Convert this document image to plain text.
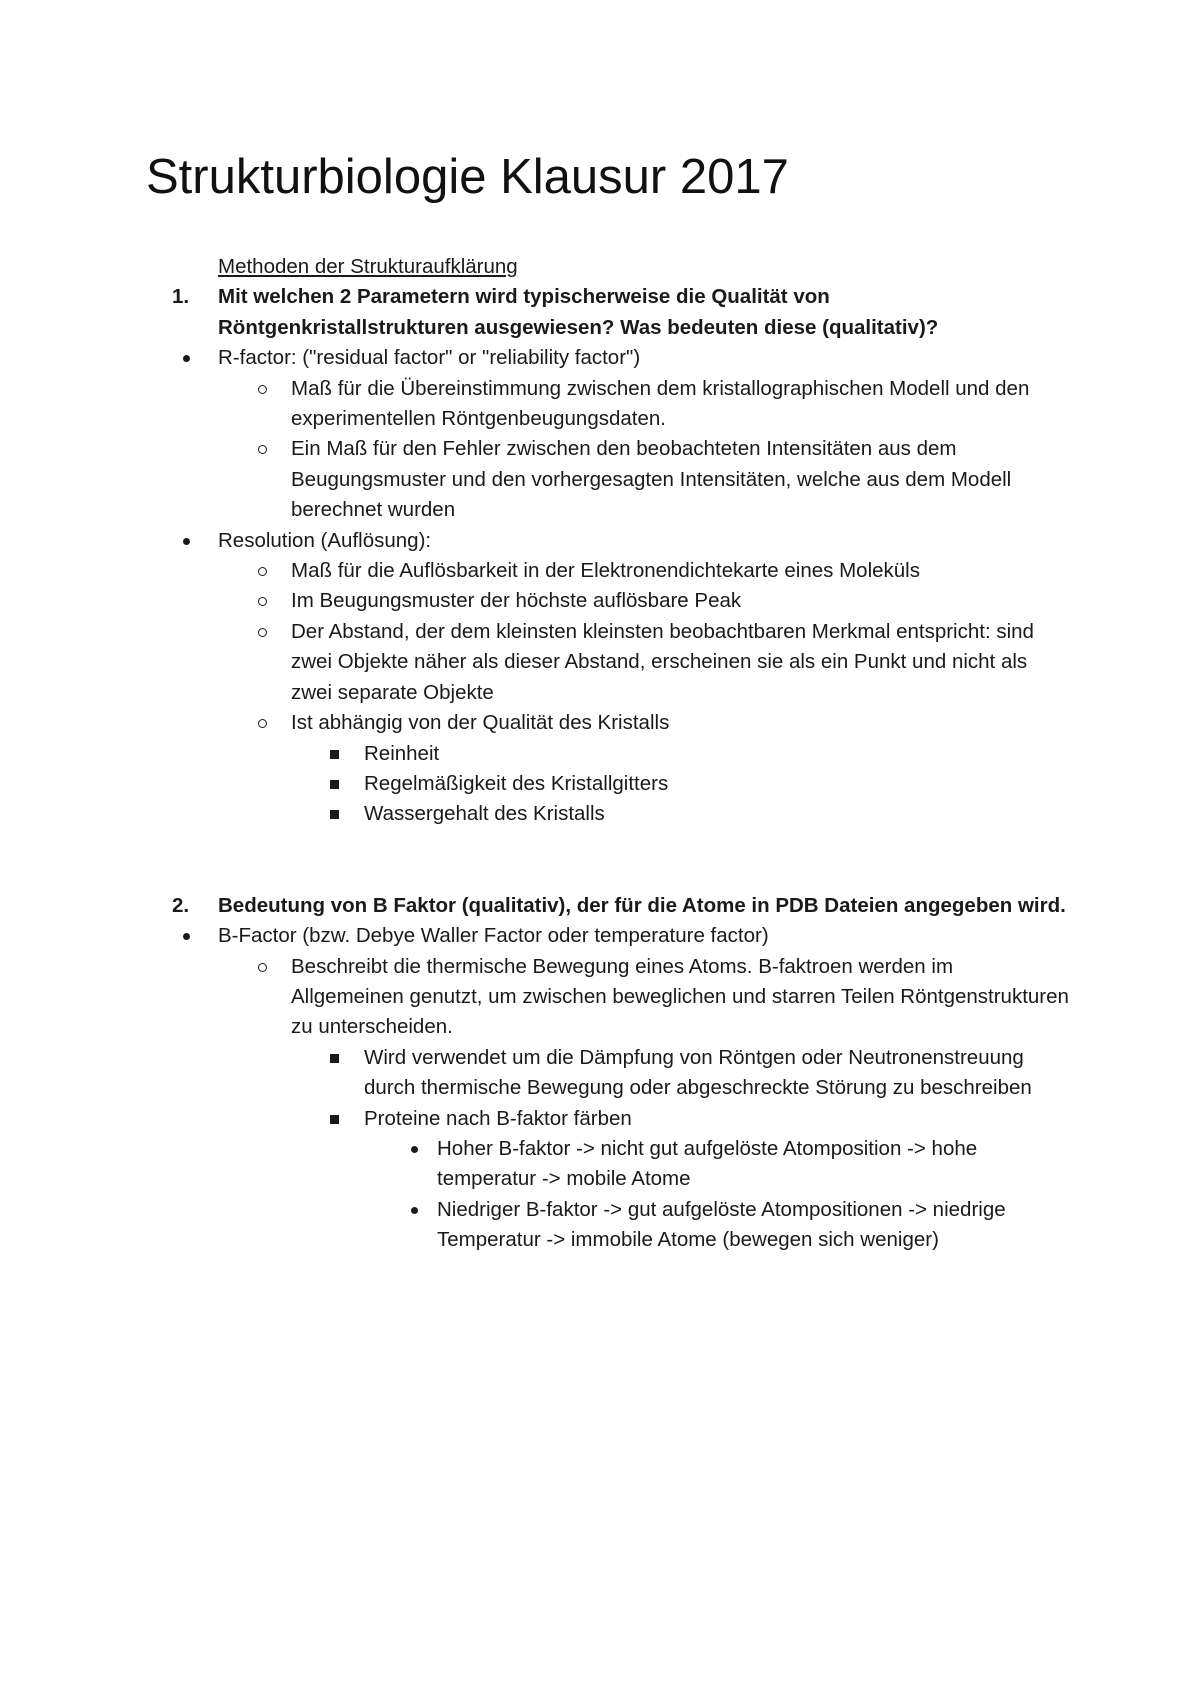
Strukturbiologie Klausur 2017

Methoden der Strukturaufklärung

1. Mit welchen 2 Parametern wird typischerweise die Qualität von Röntgenkristallstrukturen ausgewiesen? Was bedeuten diese (qualitativ)?
R-factor: ("residual factor" or "reliability factor")
Maß für die Übereinstimmung zwischen dem kristallographischen Modell und den experimentellen Röntgenbeugungsdaten.
Ein Maß für den Fehler zwischen den beobachteten Intensitäten aus dem Beugungsmuster und den vorhergesagten Intensitäten, welche aus dem Modell berechnet wurden
Resolution (Auflösung):
Maß für die Auflösbarkeit in der Elektronendichtekarte eines Moleküls
Im Beugungsmuster der höchste auflösbare Peak
Der Abstand, der dem kleinsten kleinsten beobachtbaren Merkmal entspricht: sind zwei Objekte näher als dieser Abstand, erscheinen sie als ein Punkt und nicht als zwei separate Objekte
Ist abhängig von der Qualität des Kristalls
Reinheit
Regelmäßigkeit des Kristallgitters
Wassergehalt des Kristalls
2. Bedeutung von B Faktor (qualitativ), der für die Atome in PDB Dateien angegeben wird.
B-Factor (bzw. Debye Waller Factor oder temperature factor)
Beschreibt die thermische Bewegung eines Atoms. B-faktroen werden im Allgemeinen genutzt, um zwischen beweglichen und starren Teilen Röntgenstrukturen zu unterscheiden.
Wird verwendet um die Dämpfung von Röntgen oder Neutronenstreuung durch thermische Bewegung oder abgeschreckte Störung zu beschreiben
Proteine nach B-faktor färben
Hoher B-faktor -> nicht gut aufgelöste Atomposition -> hohe temperatur -> mobile Atome
Niedriger B-faktor -> gut aufgelöste Atompositionen -> niedrige Temperatur -> immobile Atome (bewegen sich weniger)
